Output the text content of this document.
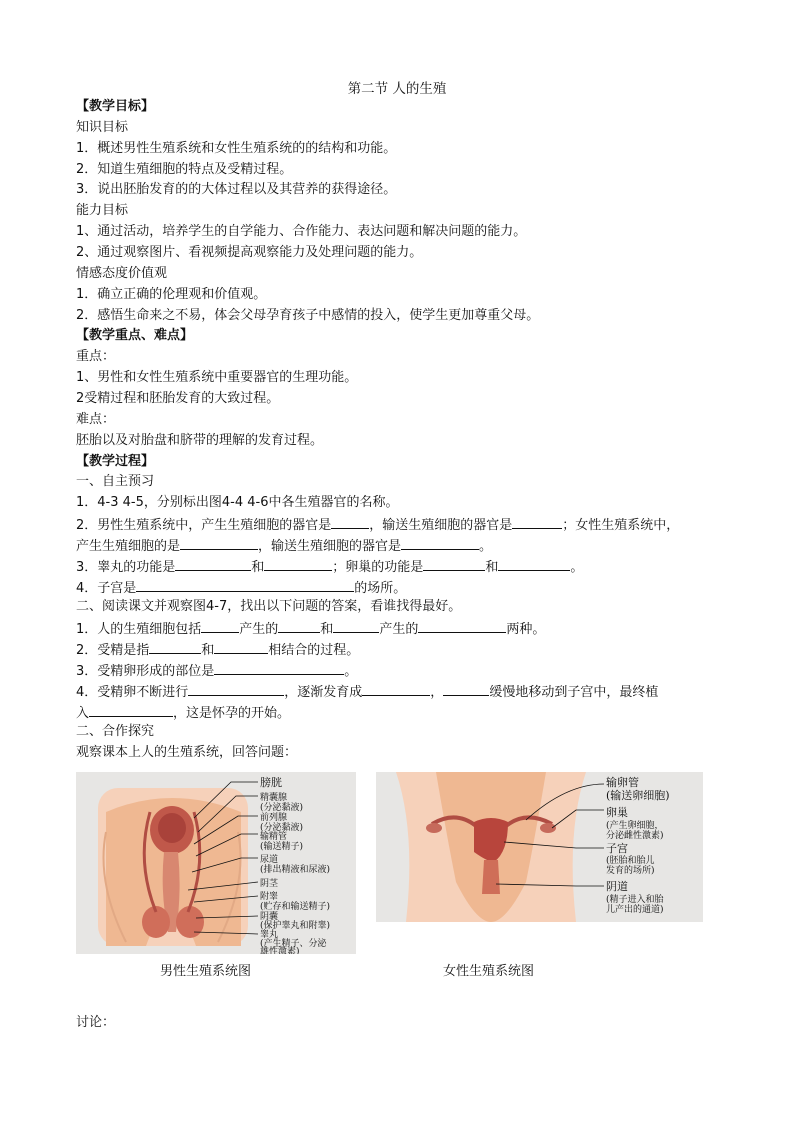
第二节 人的生殖
【教学目标】
知识目标
1．概述男性生殖系统和女性生殖系统的的结构和功能。
2．知道生殖细胞的特点及受精过程。
3．说出胚胎发育的的大体过程以及其营养的获得途径。
能力目标
1、通过活动，培养学生的自学能力、合作能力、表达问题和解决问题的能力。
2、通过观察图片、看视频提高观察能力及处理问题的能力。
情感态度价值观
1．确立正确的伦理观和价值观。
2．感悟生命来之不易，体会父母孕育孩子中感情的投入，使学生更加尊重父母。
【教学重点、难点】
重点：
1、男性和女性生殖系统中重要器官的生理功能。
2受精过程和胚胎发育的大致过程。
难点：
胚胎以及对胎盘和脐带的理解的发育过程。
【教学过程】
一、自主预习
1．4-3 4-5，分别标出图4-4 4-6中各生殖器官的名称。
2．男性生殖系统中，产生生殖细胞的器官是	，输送生殖细胞的器官是	；女性生殖系统中，
产生生殖细胞的是	，输送生殖细胞的器官是	。
3．睾丸的功能是	和	；卵巢的功能是	和	。
4．子宫是	的场所。
二、阅读课文并观察图4-7，找出以下问题的答案，看谁找得最好。
1．人的生殖细胞包括	产生的	和	产生的	两种。
2．受精是指	和	相结合的过程。
3．受精卵形成的部位是	。
4．受精卵不断进行	，逐渐发育成	，	缓慢地移动到子宫中，最终植
入	，这是怀孕的开始。
二、合作探究
观察课本上人的生殖系统，回答问题：
膀胱
精囊腺
(分泌黏液)
前列腺
(分泌黏液)
输精管
(输送精子)
尿道
(排出精液和尿液)
阴茎
附睾
(贮存和输送精子)
阴囊
(保护睾丸和附睾)
睾丸
(产生精子、分泌
雄性激素)
输卵管
(输送卵细胞)
卵巢
(产生卵细胞，
分泌雌性激素)
子宫
(胚胎和胎儿
发育的场所)
阴道
(精子进入和胎
儿产出的通道)
男性生殖系统图	女性生殖系统图
讨论：
